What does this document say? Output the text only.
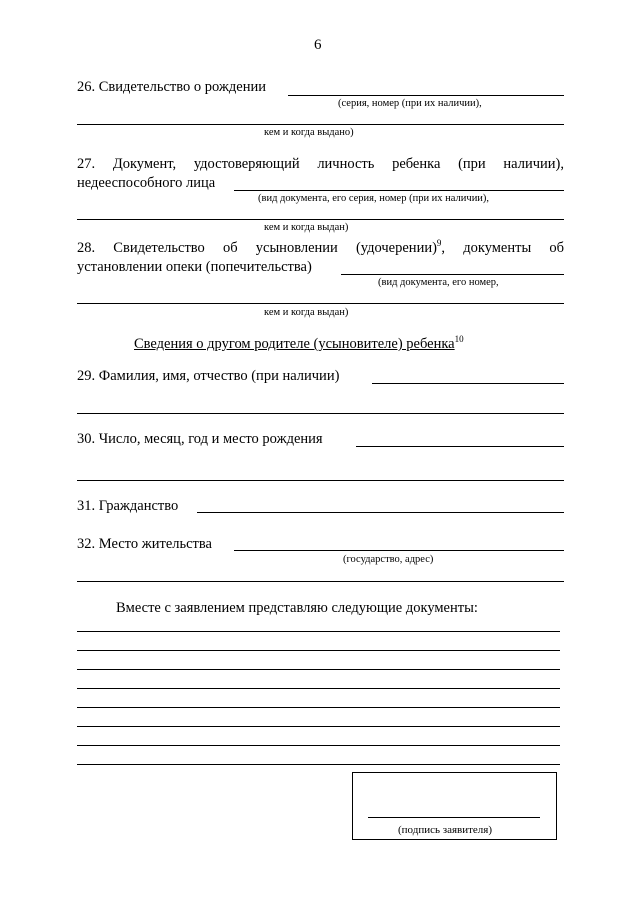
6
26. Свидетельство о рождении
(серия, номер (при их наличии),
кем и когда выдано)
27. Документ, удостоверяющий личность ребенка (при наличии),
недееспособного лица
(вид документа, его серия, номер (при их наличии),
кем и когда выдан)
28. Свидетельство об усыновлении (удочерении)$^9$, документы об
установлении опеки (попечительства)
(вид документа, его номер,
кем и когда выдан)
Сведения о другом родителе (усыновителе) ребенка$^{10}$
29. Фамилия, имя, отчество (при наличии)
30. Число, месяц, год и место рождения
31. Гражданство
32. Место жительства
(государство, адрес)
Вместе с заявлением представляю следующие документы:
(подпись заявителя)
